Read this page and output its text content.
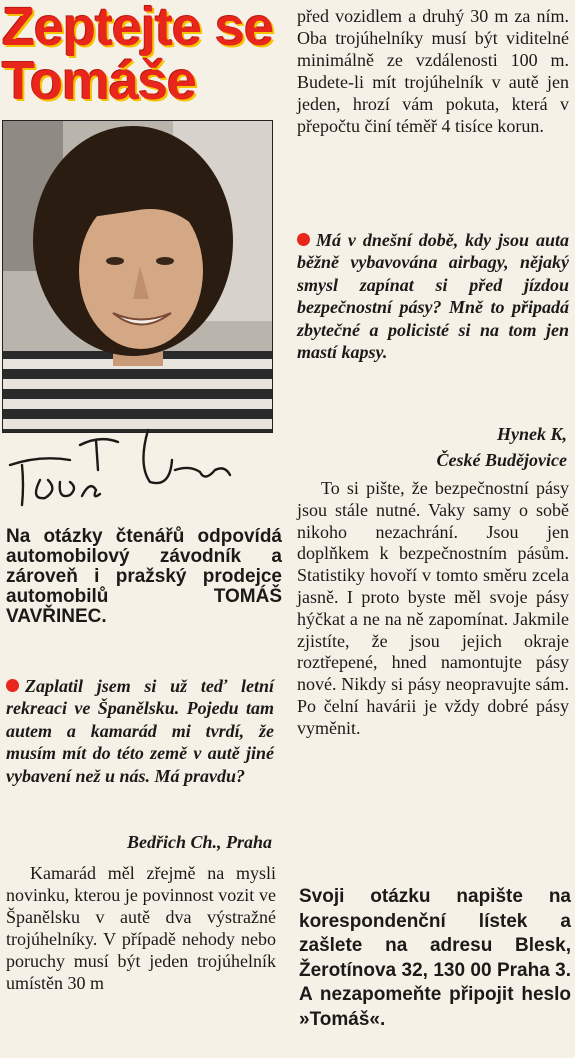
Zeptejte se
Tomáše

Na otázky čtenářů odpovídá automobilový závodník a zároveň i pražský prodejce automobilů TOMÁŠ VAVŘINEC.

Zaplatil jsem si už teď letní rekreaci ve Španělsku. Pojedu tam autem a kamarád mi tvrdí, že musím mít do této země v autě jiné vybavení než u nás. Má pravdu?

Bedřich Ch., Praha

Kamarád měl zřejmě na mysli novinku, kterou je povinnost vozit ve Španělsku v autě dva výstražné trojúhelníky. V případě nehody nebo poruchy musí být jeden trojúhelník umístěn 30 m

před vozidlem a druhý 30 m za ním. Oba trojúhelníky musí být viditelné minimálně ze vzdálenosti 100 m. Budete-li mít trojúhelník v autě jen jeden, hrozí vám pokuta, která v přepočtu činí téměř 4 tisíce korun.

Má v dnešní době, kdy jsou auta běžně vybavována airbagy, nějaký smysl zapínat si před jízdou bezpečnostní pásy? Mně to připadá zbytečné a policisté si na tom jen mastí kapsy.

Hynek K,

České Budějovice

To si pište, že bezpečnostní pásy jsou stále nutné. Vaky samy o sobě nikoho nezachrání. Jsou jen doplňkem k bezpečnostním pásům. Statistiky hovoří v tomto směru zcela jasně. I proto byste měl svoje pásy hýčkat a ne na ně zapomínat. Jakmile zjistíte, že jsou jejich okraje roztřepené, hned namontujte pásy nové. Nikdy si pásy neopravujte sám. Po čelní havárii je vždy dobré pásy vyměnit.

Svoji otázku napište na korespondenční lístek a zašlete na adresu Blesk, Žerotínova 32, 130 00 Praha 3. A nezapomeňte připojit heslo »Tomáš«.
